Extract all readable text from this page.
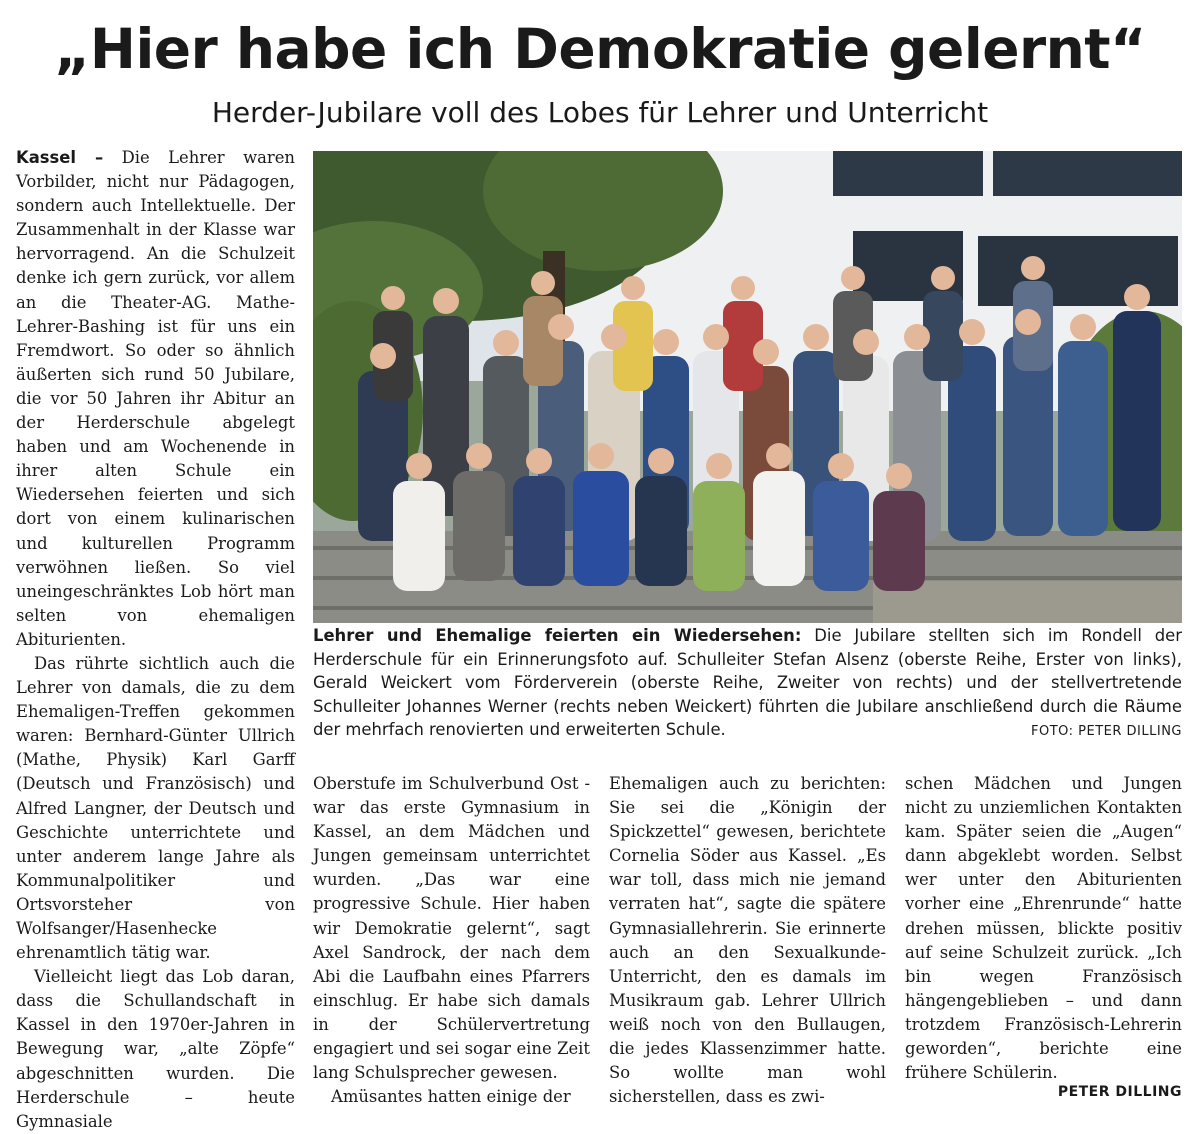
„Hier habe ich Demokratie gelernt“
Herder-Jubilare voll des Lobes für Lehrer und Unterricht

Kassel – Die Lehrer waren Vorbilder, nicht nur Pädagogen, sondern auch Intellektuelle. Der Zusammenhalt in der Klasse war hervorragend. An die Schulzeit denke ich gern zurück, vor allem an die Theater-AG. Mathe-Lehrer-Bashing ist für uns ein Fremdwort. So oder so ähnlich äußerten sich rund 50 Jubilare, die vor 50 Jahren ihr Abitur an der Herderschule abgelegt haben und am Wochenende in ihrer alten Schule ein Wiedersehen feierten und sich dort von einem kulinarischen und kulturellen Programm verwöhnen ließen. So viel uneingeschränktes Lob hört man selten von ehemaligen Abiturienten.

Das rührte sichtlich auch die Lehrer von damals, die zu dem Ehemaligen-Treffen gekommen waren: Bernhard-Günter Ullrich (Mathe, Physik) Karl Garff (Deutsch und Französisch) und Alfred Langner, der Deutsch und Geschichte unterrichtete und unter anderem lange Jahre als Kommunalpolitiker und Ortsvorsteher von Wolfsanger/Hasenhecke ehrenamtlich tätig war.

Vielleicht liegt das Lob daran, dass die Schullandschaft in Kassel in den 1970er-Jahren in Bewegung war, „alte Zöpfe“ abgeschnitten wurden. Die Herderschule – heute Gymnasiale

Lehrer und Ehemalige feierten ein Wiedersehen: Die Jubilare stellten sich im Rondell der Herderschule für ein Erinnerungsfoto auf. Schulleiter Stefan Alsenz (oberste Reihe, Erster von links), Gerald Weickert vom Förderverein (oberste Reihe, Zweiter von rechts) und der stellvertretende Schulleiter Johannes Werner (rechts neben Weickert) führten die Jubilare anschließend durch die Räume der mehrfach renovierten und erweiterten Schule.	FOTO: PETER DILLING

Oberstufe im Schulverbund Ost - war das erste Gymnasium in Kassel, an dem Mädchen und Jungen gemeinsam unterrichtet wurden. „Das war eine progressive Schule. Hier haben wir Demokratie gelernt“, sagt Axel Sandrock, der nach dem Abi die Laufbahn eines Pfarrers einschlug. Er habe sich damals in der Schülervertretung engagiert und sei sogar eine Zeit lang Schulsprecher gewesen.

Amüsantes hatten einige der

Ehemaligen auch zu berichten: Sie sei die „Königin der Spickzettel“ gewesen, berichtete Cornelia Söder aus Kassel. „Es war toll, dass mich nie jemand verraten hat“, sagte die spätere Gymnasiallehrerin. Sie erinnerte auch an den Sexualkunde-Unterricht, den es damals im Musikraum gab. Lehrer Ullrich weiß noch von den Bullaugen, die jedes Klassenzimmer hatte. So wollte man wohl sicherstellen, dass es zwi-

schen Mädchen und Jungen nicht zu unziemlichen Kontakten kam. Später seien die „Augen“ dann abgeklebt worden. Selbst wer unter den Abiturienten vorher eine „Ehrenrunde“ hatte drehen müssen, blickte positiv auf seine Schulzeit zurück. „Ich bin wegen Französisch hängengeblieben – und dann trotzdem Französisch-Lehrerin geworden“, berichte eine frühere Schülerin.

PETER DILLING
